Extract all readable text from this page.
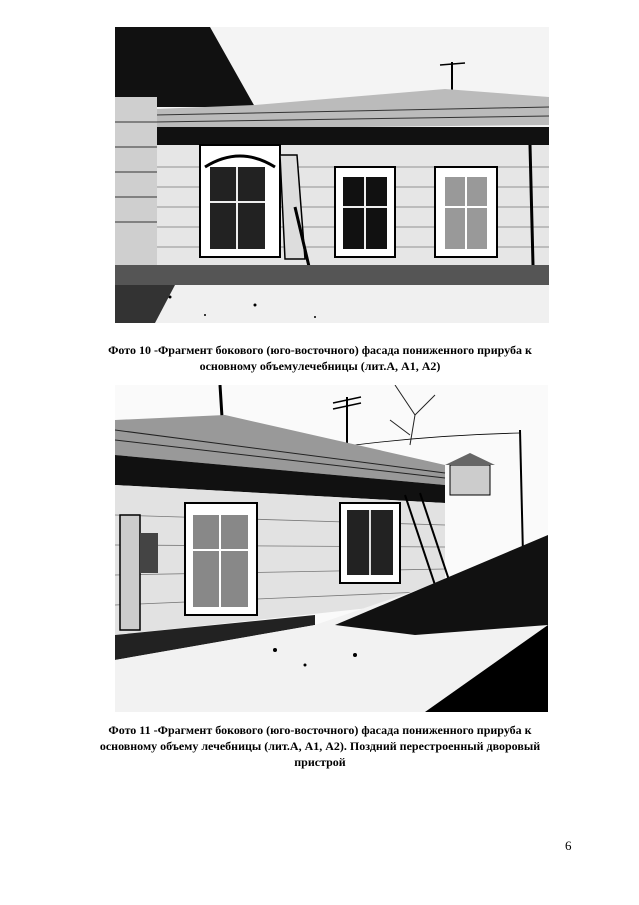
Фото 10 -Фрагмент бокового (юго-восточного) фасада пониженного прируба к
основному объемулечебницы (лит.А, А1, А2)
Фото 11 -Фрагмент бокового (юго-восточного) фасада пониженного прируба к
основному объему лечебницы (лит.А, А1, А2). Поздний перестроенный дворовый
пристрой
6
